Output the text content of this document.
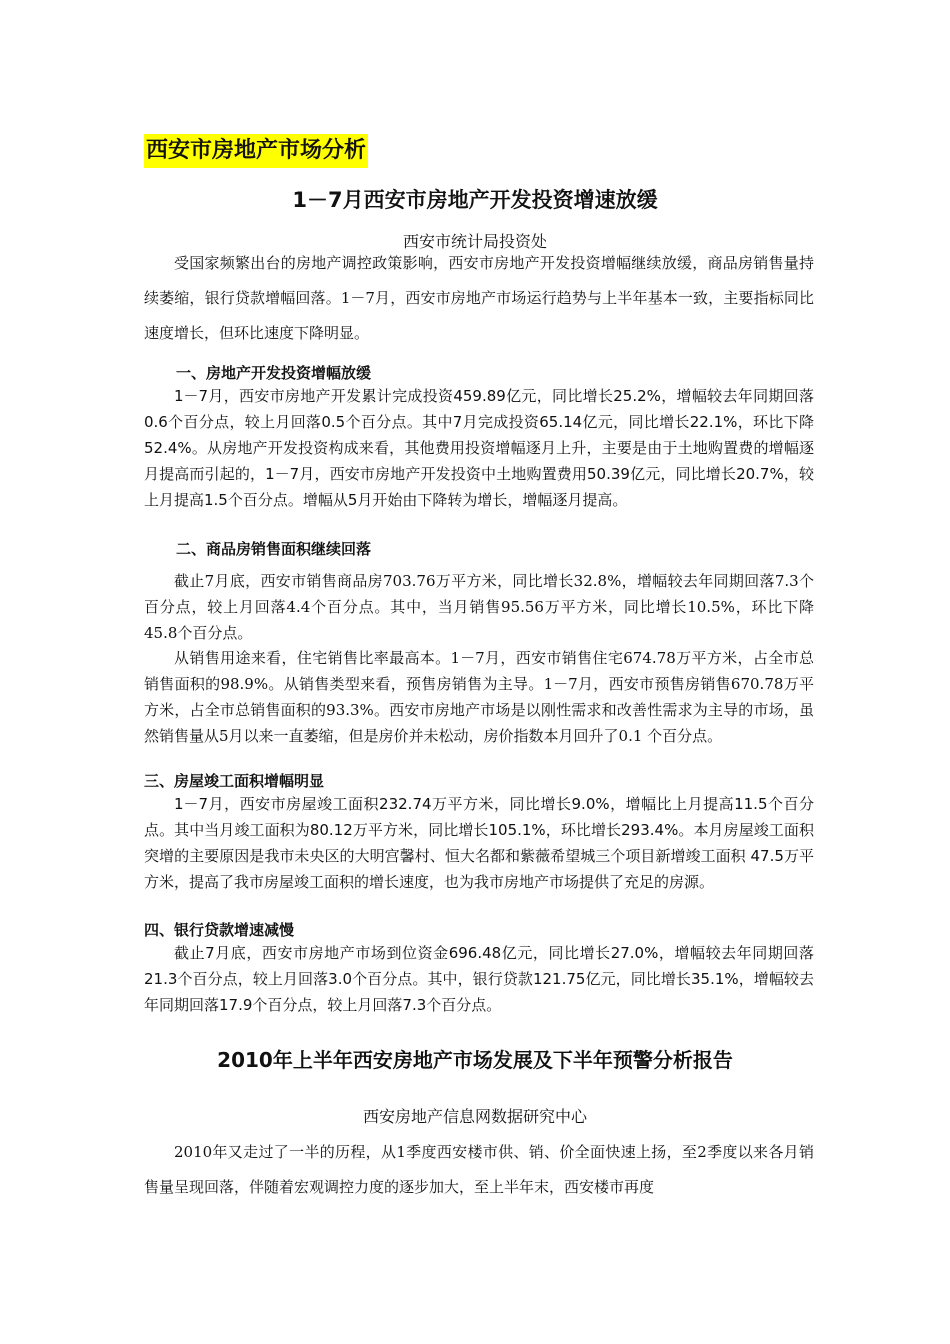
西安市房地产市场分析
1－7月西安市房地产开发投资增速放缓
西安市统计局投资处

受国家频繁出台的房地产调控政策影响，西安市房地产开发投资增幅继续放缓，商品房销售量持续萎缩，银行贷款增幅回落。1－7月，西安市房地产市场运行趋势与上半年基本一致，主要指标同比速度增长，但环比速度下降明显。

一、房地产开发投资增幅放缓

1－7月，西安市房地产开发累计完成投资459.89亿元，同比增长25.2%，增幅较去年同期回落0.6个百分点，较上月回落0.5个百分点。其中7月完成投资65.14亿元，同比增长22.1%，环比下降52.4%。从房地产开发投资构成来看，其他费用投资增幅逐月上升，主要是由于土地购置费的增幅逐月提高而引起的，1－7月，西安市房地产开发投资中土地购置费用50.39亿元，同比增长20.7%，较上月提高1.5个百分点。增幅从5月开始由下降转为增长，增幅逐月提高。

二、商品房销售面积继续回落

截止7月底，西安市销售商品房703.76万平方米，同比增长32.8%，增幅较去年同期回落7.3个百分点，较上月回落4.4个百分点。其中，当月销售95.56万平方米，同比增长10.5%，环比下降45.8个百分点。

从销售用途来看，住宅销售比率最高本。1－7月，西安市销售住宅674.78万平方米，占全市总销售面积的98.9%。从销售类型来看，预售房销售为主导。1－7月，西安市预售房销售670.78万平方米，占全市总销售面积的93.3%。西安市房地产市场是以刚性需求和改善性需求为主导的市场，虽然销售量从5月以来一直萎缩，但是房价并未松动，房价指数本月回升了0.1 个百分点。

三、房屋竣工面积增幅明显

1－7月，西安市房屋竣工面积232.74万平方米，同比增长9.0%，增幅比上月提高11.5个百分点。其中当月竣工面积为80.12万平方米，同比增长105.1%，环比增长293.4%。本月房屋竣工面积突增的主要原因是我市未央区的大明宫馨村、恒大名都和紫薇希望城三个项目新增竣工面积 47.5万平方米，提高了我市房屋竣工面积的增长速度，也为我市房地产市场提供了充足的房源。

四、银行贷款增速减慢

截止7月底，西安市房地产市场到位资金696.48亿元，同比增长27.0%，增幅较去年同期回落21.3个百分点，较上月回落3.0个百分点。其中，银行贷款121.75亿元，同比增长35.1%，增幅较去年同期回落17.9个百分点，较上月回落7.3个百分点。

2010年上半年西安房地产市场发展及下半年预警分析报告
西安房地产信息网数据研究中心

2010年又走过了一半的历程，从1季度西安楼市供、销、价全面快速上扬，至2季度以来各月销售量呈现回落，伴随着宏观调控力度的逐步加大，至上半年末，西安楼市再度
